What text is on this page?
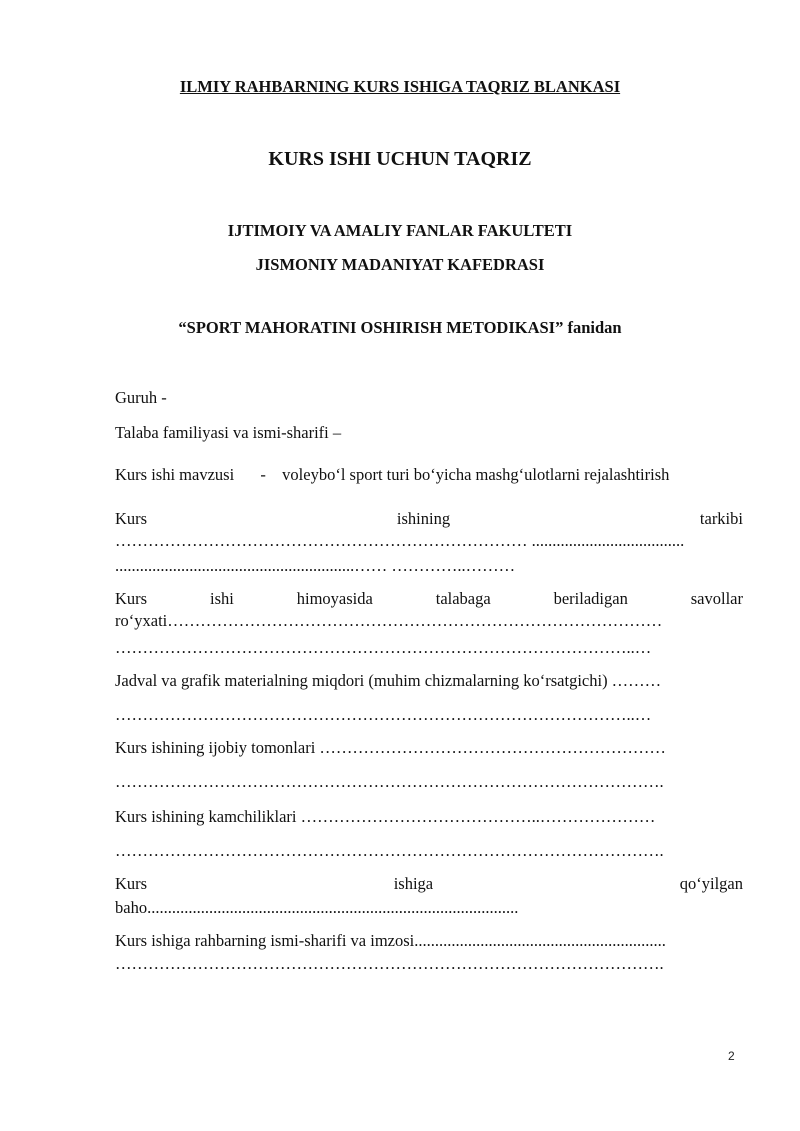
ILMIY RAHBARNING KURS ISHIGA TAQRIZ BLANKASI
KURS ISHI UCHUN TAQRIZ
IJTIMOIY VA AMALIY FANLAR FAKULTETI
JISMONIY MADANIYAT KAFEDRASI
“SPORT MAHORATINI OSHIRISH METODIKASI” fanidan
Guruh -
Talaba familiyasi va ismi-sharifi –
Kurs ishi mavzusi - voleybo‘l sport turi bo‘yicha mashg‘ulotlarni rejalashtirish
Kurs	ishining	tarkibi
………………………………………………………………… .....................................
..........................................................…… …………..………
Kurs	ishi	himoyasida	talabaga	beriladigan	savollar
ro‘yxati………………………………………………………………………………
…………………………………………………………………………………..…
Jadval va grafik materialning miqdori (muhim chizmalarning ko‘rsatgichi) ………
…………………………………………………………………………………..…
Kurs ishining ijobiy tomonlari ………………………………………………………
……………………………………………………………………………………….
Kurs ishining kamchiliklari ……………………………………..…………………
……………………………………………………………………………………….
Kurs	ishiga	qo‘yilgan
baho..........................................................................................
Kurs ishiga rahbarning ismi-sharifi va imzosi.............................................................
……………………………………………………………………………………….
2
